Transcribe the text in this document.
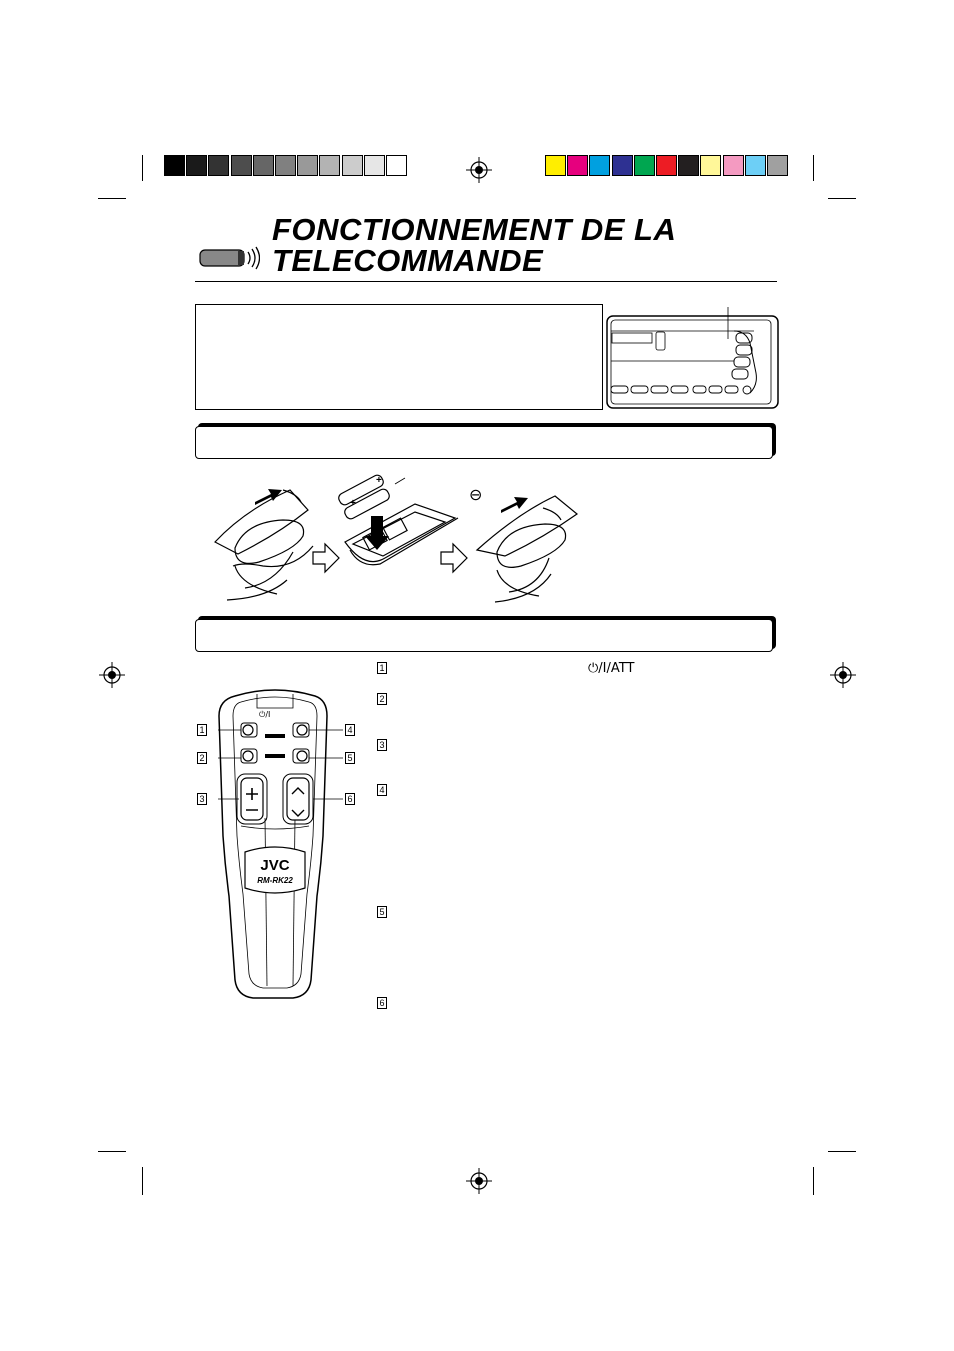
FONCTIONNEMENT DE LA
TELECOMMANDE
+
+	⊖
⏻/I
JVC
RM-RK22
1
2
3
4
5
6
1
2
3
4
5
6
⏻/I/ATT
